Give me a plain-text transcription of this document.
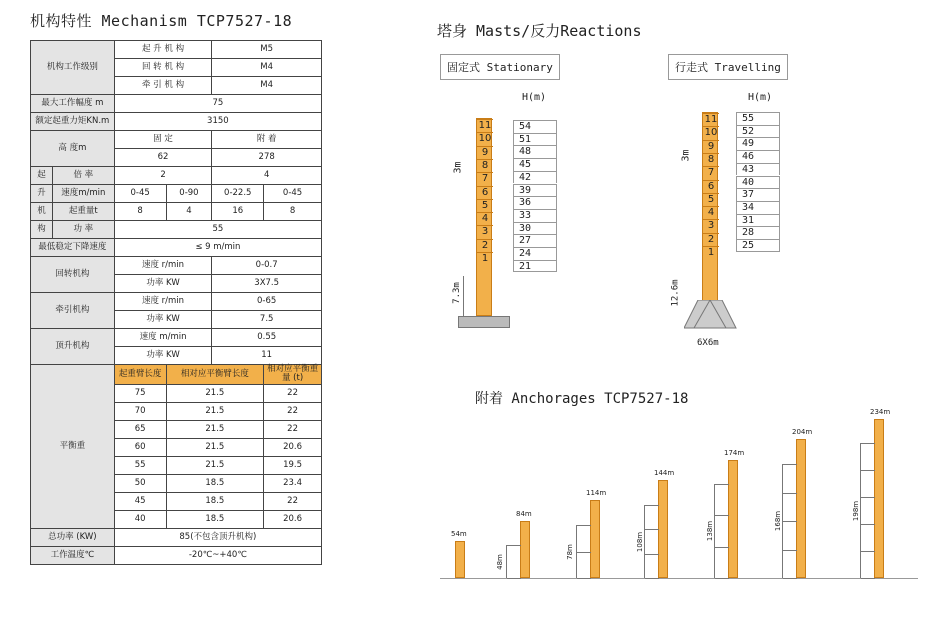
机构特性 Mechanism TCP7527-18
塔身 Masts/反力Reactions
机构工作级别		起 升 机 构		M5	
		回 转 机 构		M4	
		牵 引 机 构		M4	
最大工作幅度 m		75			
额定起重力矩KN.m		3150			
高 度m		固 定		附 着	
		62		278	
起	倍 率	2		4	
升	速度m/min	0-45	0-90	0-22.5	0-45
机	起重量t	8	4	16	8
构	功 率	55			
最低稳定下降速度		≤ 9 m/min			
回转机构		速度 r/min		0-0.7	
		功率 KW		3X7.5	
牵引机构		速度 r/min		0-65	
		功率 KW		7.5	
顶升机构		速度 m/min		0.55	
		功率 KW		11	
平衡重		起重臂长度	相对应平衡臂长度		相对应平衡重量 (t)
		75	21.5		22
		70	21.5		22
		65	21.5		22
		60	21.5		20.6
		55	21.5		19.5
		50	18.5		23.4
		45	18.5		22
		40	18.5		20.6
总功率 (KW)		85(不包含顶升机构)			
工作温度℃		-20℃~+40℃			
固定式 Stationary
H(m)
11
10
9
8
7
6
5
4
3
2
1
54
51
48
45
42
39
36
33
30
27
24
21
3m
7.3m
行走式 Travelling
H(m)
11
10
9
8
7
6
5
4
3
2
1
55
52
49
46
43
40
37
34
31
28
25
3m
12.6m
6X6m
附着 Anchorages TCP7527-18
54m
84m
48m
114m
78m
144m
108m
174m
138m
204m
168m
234m
198m
